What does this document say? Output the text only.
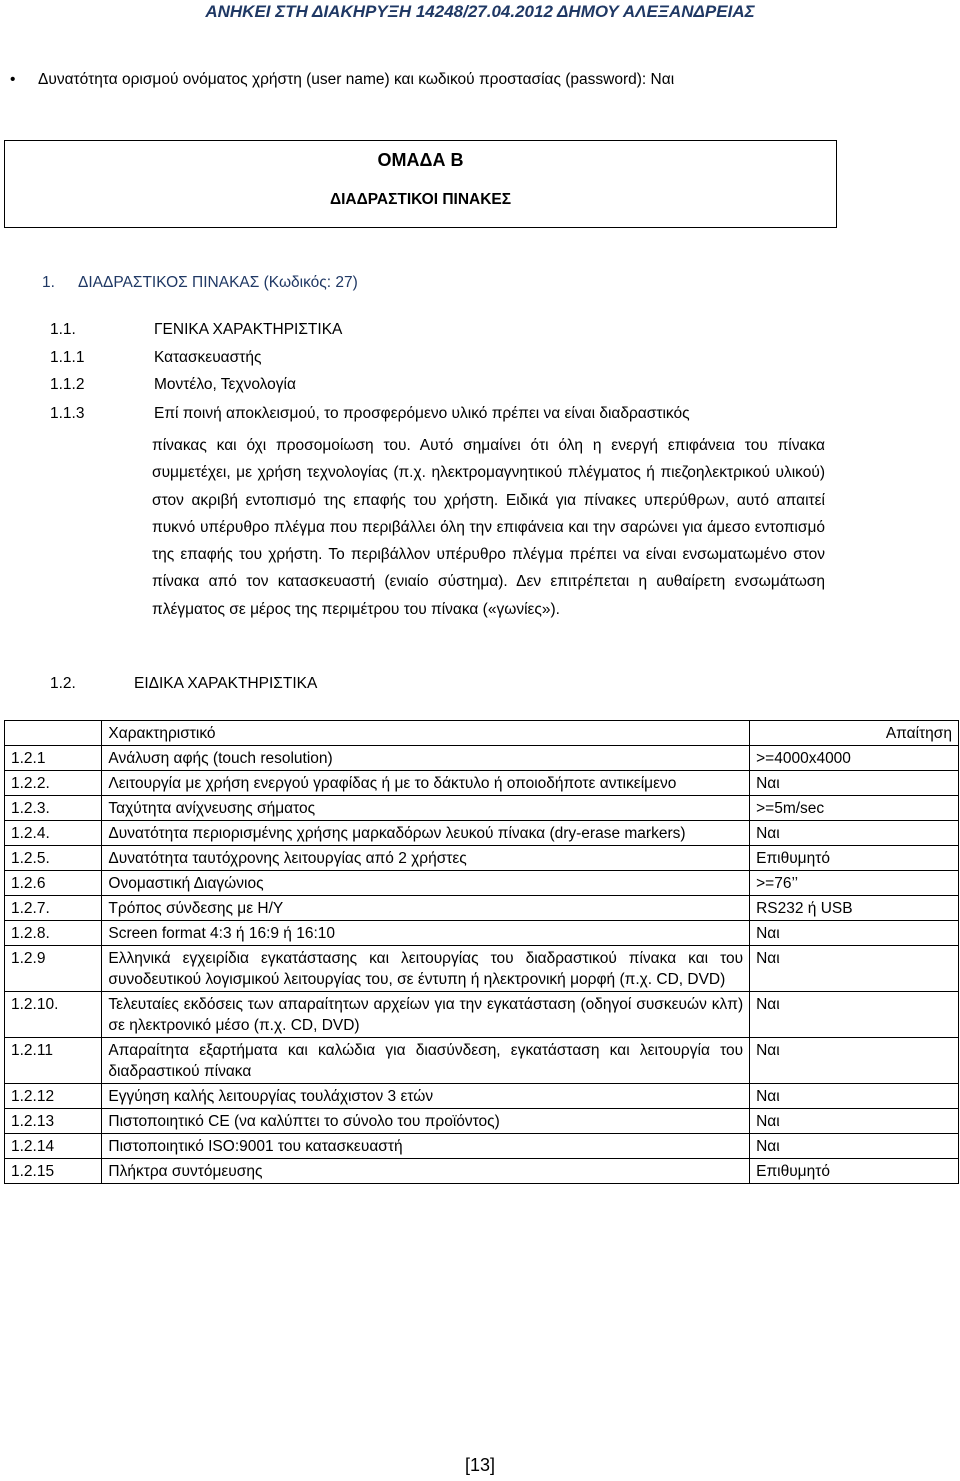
ΑΝΗΚΕΙ ΣΤΗ ΔΙΑΚΗΡΥΞΗ 14248/27.04.2012 ΔΗΜΟΥ ΑΛΕΞΑΝΔΡΕΙΑΣ
• Δυνατότητα ορισμού ονόματος χρήστη (user name) και κωδικού προστασίας (password): Ναι
ΟΜΑΔΑ Β
ΔΙΑΔΡΑΣΤΙΚΟΙ ΠΙΝΑΚΕΣ
1. ΔΙΑΔΡΑΣΤΙΚΟΣ ΠΙΝΑΚΑΣ (Κωδικός: 27)
1.1.	ΓΕΝΙΚΑ ΧΑΡΑΚΤΗΡΙΣΤΙΚΑ
1.1.1	Κατασκευαστής
1.1.2	Μοντέλο, Τεχνολογία
1.1.3	Επί ποινή αποκλεισμού, το προσφερόμενο υλικό πρέπει να είναι διαδραστικός
πίνακας και όχι προσομοίωση του. Αυτό σημαίνει ότι όλη η ενεργή επιφάνεια του πίνακα συμμετέχει, με χρήση τεχνολογίας (π.χ. ηλεκτρομαγνητικού πλέγματος ή πιεζοηλεκτρικού υλικού) στον ακριβή εντοπισμό της επαφής του χρήστη. Ειδικά για πίνακες υπερύθρων, αυτό απαιτεί πυκνό υπέρυθρο πλέγμα που περιβάλλει όλη την επιφάνεια και την σαρώνει για άμεσο εντοπισμό της επαφής του χρήστη. Το περιβάλλον υπέρυθρο πλέγμα πρέπει να είναι ενσωματωμένο στον πίνακα από τον κατασκευαστή (ενιαίο σύστημα). Δεν επιτρέπεται η αυθαίρετη ενσωμάτωση πλέγματος σε μέρος της περιμέτρου του πίνακα («γωνίες»).
1.2.	ΕΙΔΙΚΑ ΧΑΡΑΚΤΗΡΙΣΤΙΚΑ
	Χαρακτηριστικό	Απαίτηση
1.2.1	Ανάλυση αφής (touch resolution)	>=4000x4000
1.2.2.	Λειτουργία με χρήση ενεργού γραφίδας ή με το δάκτυλο ή οποιοδήποτε αντικείμενο	Ναι
1.2.3.	Ταχύτητα ανίχνευσης σήματος	>=5m/sec
1.2.4.	Δυνατότητα περιορισμένης χρήσης μαρκαδόρων λευκού πίνακα (dry-erase markers)	Ναι
1.2.5.	Δυνατότητα ταυτόχρονης λειτουργίας από 2 χρήστες	Επιθυμητό
1.2.6	Ονομαστική Διαγώνιος	>=76’’
1.2.7.	Τρόπος σύνδεσης με Η/Υ	RS232 ή USB
1.2.8.	Screen format 4:3 ή 16:9 ή 16:10	Ναι
1.2.9	Ελληνικά εγχειρίδια εγκατάστασης και λειτουργίας του διαδραστικού πίνακα και του συνοδευτικού λογισμικού λειτουργίας του, σε έντυπη ή ηλεκτρονική μορφή (π.χ. CD, DVD)	Ναι
1.2.10.	Τελευταίες εκδόσεις των απαραίτητων αρχείων για την εγκατάσταση (οδηγοί συσκευών κλπ) σε ηλεκτρονικό μέσο (π.χ. CD, DVD)	Ναι
1.2.11	Απαραίτητα εξαρτήματα και καλώδια για διασύνδεση, εγκατάσταση και λειτουργία του διαδραστικού πίνακα	Ναι
1.2.12	Εγγύηση καλής λειτουργίας τουλάχιστον 3 ετών	Ναι
1.2.13	Πιστοποιητικό CE (να καλύπτει το σύνολο του προϊόντος)	Ναι
1.2.14	Πιστοποιητικό ISO:9001 του κατασκευαστή	Ναι
1.2.15	Πλήκτρα συντόμευσης	Επιθυμητό
[13]
